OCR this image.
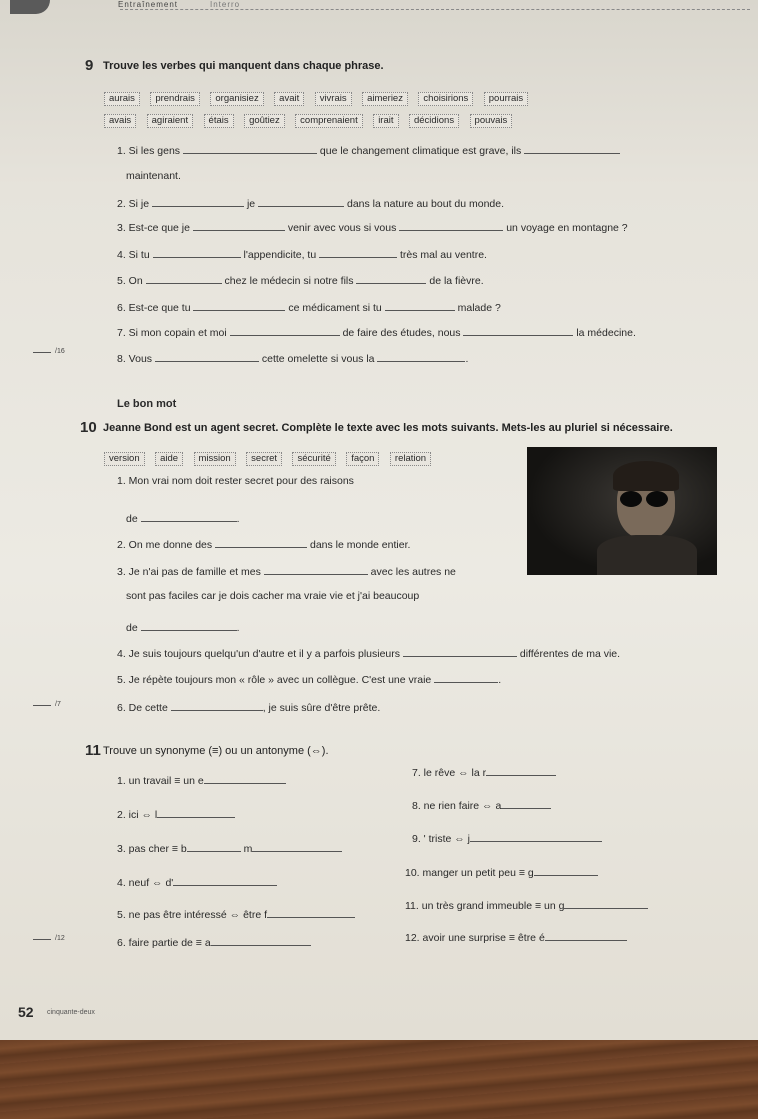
Entraînement	Interro
9 Trouve les verbes qui manquent dans chaque phrase.
aurais prendrais organisiez avait vivrais aimeriez choisirions pourrais
avais agiraient étais goûtiez comprenaient irait décidions pouvais
1. Si les gens	que le changement climatique est grave, ils
maintenant.
2. Si je	je	dans la nature au bout du monde.
3. Est-ce que je	venir avec vous si vous	un voyage en montagne ?
4. Si tu	l'appendicite, tu	très mal au ventre.
5. On	chez le médecin si notre fils	de la fièvre.
6. Est-ce que tu	ce médicament si tu	malade ?
7. Si mon copain et moi	de faire des études, nous	la médecine.
/16
8. Vous	cette omelette si vous la	.
Le bon mot
10 Jeanne Bond est un agent secret. Complète le texte avec les mots suivants. Mets-les au pluriel si nécessaire.
version aide mission secret sécurité façon relation
1. Mon vrai nom doit rester secret pour des raisons
de	.
2. On me donne des	dans le monde entier.
3. Je n'ai pas de famille et mes	avec les autres ne
sont pas faciles car je dois cacher ma vraie vie et j'ai beaucoup
de	.
4. Je suis toujours quelqu'un d'autre et il y a parfois plusieurs	différentes de ma vie.
5. Je répète toujours mon « rôle » avec un collègue. C'est une vraie	.
/7	6. De cette	, je suis sûre d'être prête.
11 Trouve un synonyme (≡) ou un antonyme (⇔).
1. un travail ≡ un e
2. ici ⇔ l
3. pas cher ≡ b	m
4. neuf ⇔ d'
5. ne pas être intéressé ⇔ être f
/12	6. faire partie de ≡ a
7. le rêve ⇔ la r
8. ne rien faire ⇔ a
9. ' triste ⇔ j
10. manger un petit peu ≡ g
11. un très grand immeuble ≡ un g
12. avoir une surprise ≡ être é
52 cinquante-deux
